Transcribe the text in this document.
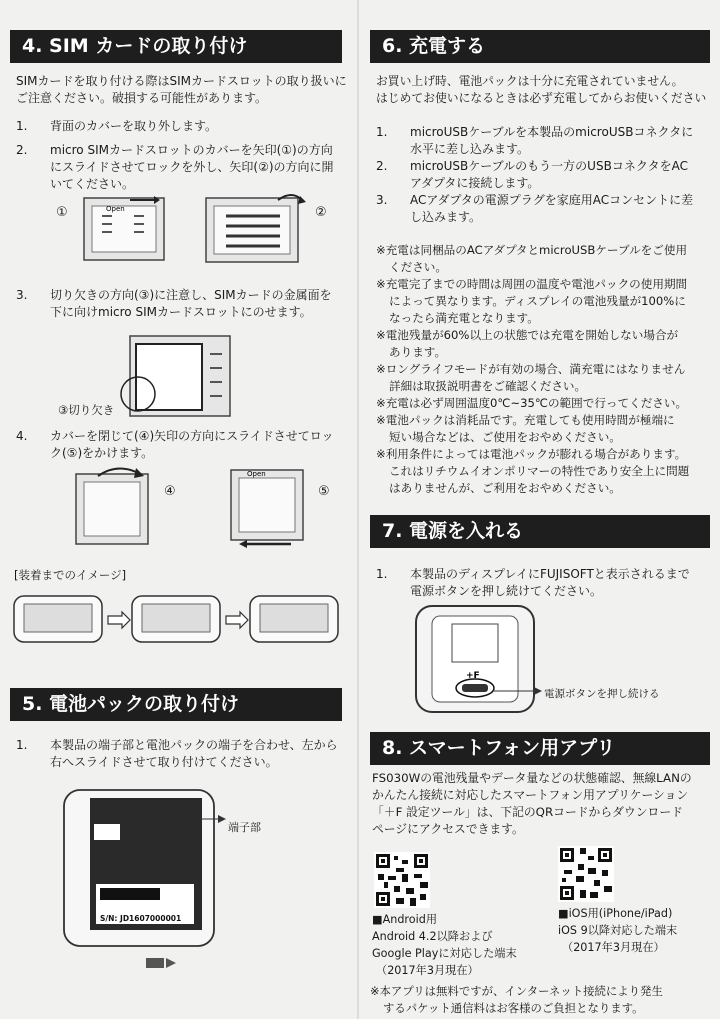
4. SIM カードの取り付け
SIMカードを取り付ける際はSIMカードスロットの取り扱いに
ご注意ください。破損する可能性があります。
1. 背面のカバーを取り外します。
2. micro SIMカードスロットのカバーを矢印(①)の方向
にスライドさせてロックを外し、矢印(②)の方向に開
いてください。
①	Open	②
3. 切り欠きの方向(③)に注意し、SIMカードの金属面を
下に向けmicro SIMカードスロットにのせます。
③切り欠き
4. カバーを閉じて(④)矢印の方向にスライドさせてロッ
ク(⑤)をかけます。
④
Open
⑤
[装着までのイメージ]
5. 電池パックの取り付け
1. 本製品の端子部と電池パックの端子を合わせ、左から
右へスライドさせて取り付けてください。
S/N: JD1607000001
端子部
6. 充電する
お買い上げ時、電池パックは十分に充電されていません。
はじめてお使いになるときは必ず充電してからお使いください
1. microUSBケーブルを本製品のmicroUSBコネクタに
水平に差し込みます。
2. microUSBケーブルのもう一方のUSBコネクタをAC
アダプタに接続します。
3. ACアダプタの電源プラグを家庭用ACコンセントに差
し込みます。
※充電は同梱品のACアダプタとmicroUSBケーブルをご使用
ください。
※充電完了までの時間は周囲の温度や電池パックの使用期間
によって異なります。ディスプレイの電池残量が100%に
なったら満充電となります。
※電池残量が60%以上の状態では充電を開始しない場合が
あります。
※ロングライフモードが有効の場合、満充電にはなりません
詳細は取扱説明書をご確認ください。
※充電は必ず周囲温度0℃~35℃の範囲で行ってください。
※電池パックは消耗品です。充電しても使用時間が極端に
短い場合などは、ご使用をおやめください。
※利用条件によっては電池パックが膨れる場合があります。
これはリチウムイオンポリマーの特性であり安全上に問題
はありませんが、ご利用をおやめください。
7. 電源を入れる
1. 本製品のディスプレイにFUJISOFTと表示されるまで
電源ボタンを押し続けてください。
+F
電源ボタンを押し続ける
8. スマートフォン用アプリ
FS030Wの電池残量やデータ量などの状態確認、無線LANの
かんたん接続に対応したスマートフォン用アプリケーション
「＋F 設定ツール」は、下記のQRコードからダウンロード
ページにアクセスできます。
■Android用
Android 4.2以降および
Google Playに対応した端末
（2017年3月現在）
■iOS用(iPhone/iPad)
iOS 9以降対応した端末
（2017年3月現在）
※本アプリは無料ですが、インターネット接続により発生
するパケット通信料はお客様のご負担となります。
